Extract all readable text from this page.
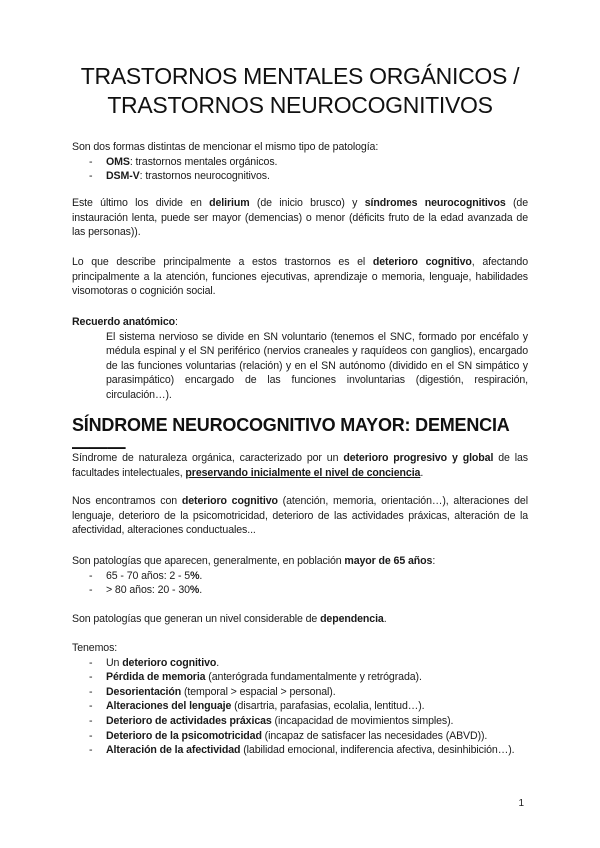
TRASTORNOS MENTALES ORGÁNICOS /
TRASTORNOS NEUROCOGNITIVOS
Son dos formas distintas de mencionar el mismo tipo de patología:
- OMS: trastornos mentales orgánicos.
- DSM-V: trastornos neurocognitivos.

Este último los divide en delirium (de inicio brusco) y síndromes neurocognitivos (de instauración lenta, puede ser mayor (demencias) o menor (déficits fruto de la edad avanzada de las personas)).

Lo que describe principalmente a estos trastornos es el deterioro cognitivo, afectando principalmente a la atención, funciones ejecutivas, aprendizaje o memoria, lenguaje, habilidades visomotoras o cognición social.

Recuerdo anatómico:
El sistema nervioso se divide en SN voluntario (tenemos el SNC, formado por encéfalo y médula espinal y el SN periférico (nervios craneales y raquídeos con ganglios), encargado de las funciones voluntarias (relación) y en el SN autónomo (dividido en el SN simpático y parasimpático) encargado de las funciones involuntarias (digestión, respiración, circulación…).
SÍNDROME NEUROCOGNITIVO MAYOR: DEMENCIA ———

Síndrome de naturaleza orgánica, caracterizado por un deterioro progresivo y global de las facultades intelectuales, preservando inicialmente el nivel de conciencia.

Nos encontramos con deterioro cognitivo (atención, memoria, orientación…), alteraciones del lenguaje, deterioro de la psicomotricidad, deterioro de las actividades práxicas, alteración de la afectividad, alteraciones conductuales...

Son patologías que aparecen, generalmente, en población mayor de 65 años:
- 65 - 70 años: 2 - 5%.
- > 80 años: 20 - 30%.

Son patologías que generan un nivel considerable de dependencia.

Tenemos:
- Un deterioro cognitivo.
- Pérdida de memoria (anterógrada fundamentalmente y retrógrada).
- Desorientación (temporal > espacial > personal).
- Alteraciones del lenguaje (disartria, parafasias, ecolalia, lentitud…).
- Deterioro de actividades práxicas (incapacidad de movimientos simples).
- Deterioro de la psicomotricidad (incapaz de satisfacer las necesidades (ABVD)).
- Alteración de la afectividad (labilidad emocional, indiferencia afectiva, desinhibición…).
1
